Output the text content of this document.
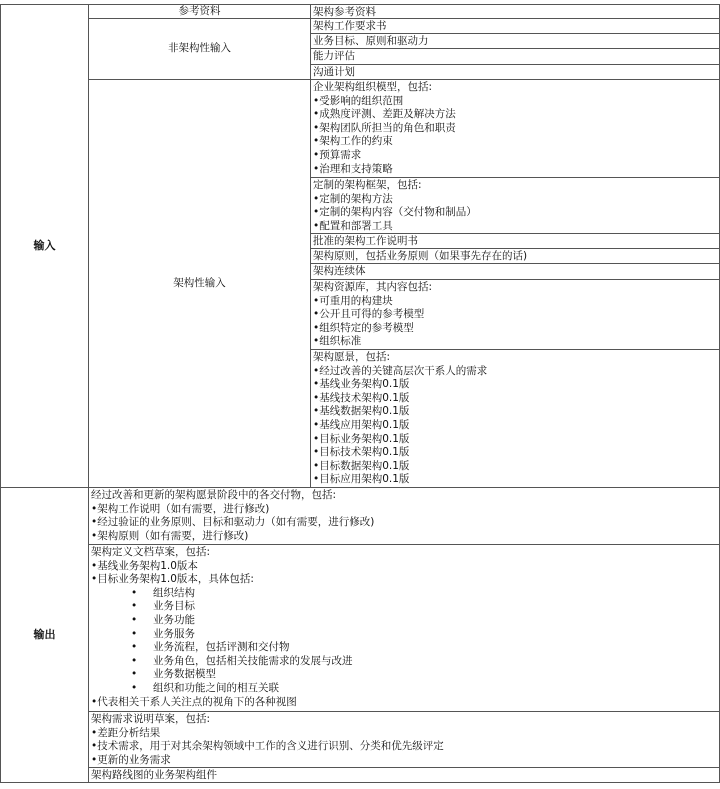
输入
参考资料	架构参考资料
非架构性输入
架构工作要求书
业务目标、原则和驱动力
能力评估
沟通计划
架构性输入
企业架构组织模型，包括:
•受影响的组织范围
•成熟度评测、差距及解决方法
•架构团队所担当的角色和职责
•架构工作的约束
•预算需求
•治理和支持策略
定制的架构框架，包括:
•定制的架构方法
•定制的架构内容（交付物和制品）
•配置和部署工具
批准的架构工作说明书
架构原则，包括业务原则（如果事先存在的话)
架构连续体
架构资源库，其内容包括:
•可重用的构建块
•公开且可得的参考模型
•组织特定的参考模型
•组织标准
架构愿景，包括:
•经过改善的关键高层次干系人的需求
•基线业务架构0.1版
•基线技术架构0.1版
•基线数据架构0.1版
•基线应用架构0.1版
•目标业务架构0.1版
•目标技术架构0.1版
•目标数据架构0.1版
•目标应用架构0.1版
输出
经过改善和更新的架构愿景阶段中的各交付物，包括:
•架构工作说明（如有需要，进行修改)
•经过验证的业务原则、目标和驱动力（如有需要，进行修改)
•架构原则（如有需要，进行修改)
架构定义文档草案，包括:
•基线业务架构1.0版本
•目标业务架构1.0版本，具体包括:
• 组织结构
• 业务目标
• 业务功能
• 业务服务
• 业务流程，包括评测和交付物
• 业务角色，包括相关技能需求的发展与改进
• 业务数据模型
• 组织和功能之间的相互关联
•代表相关干系人关注点的视角下的各种视图
架构需求说明草案，包括:
•差距分析结果
•技术需求，用于对其余架构领域中工作的含义进行识别、分类和优先级评定
•更新的业务需求
架构路线图的业务架构组件
